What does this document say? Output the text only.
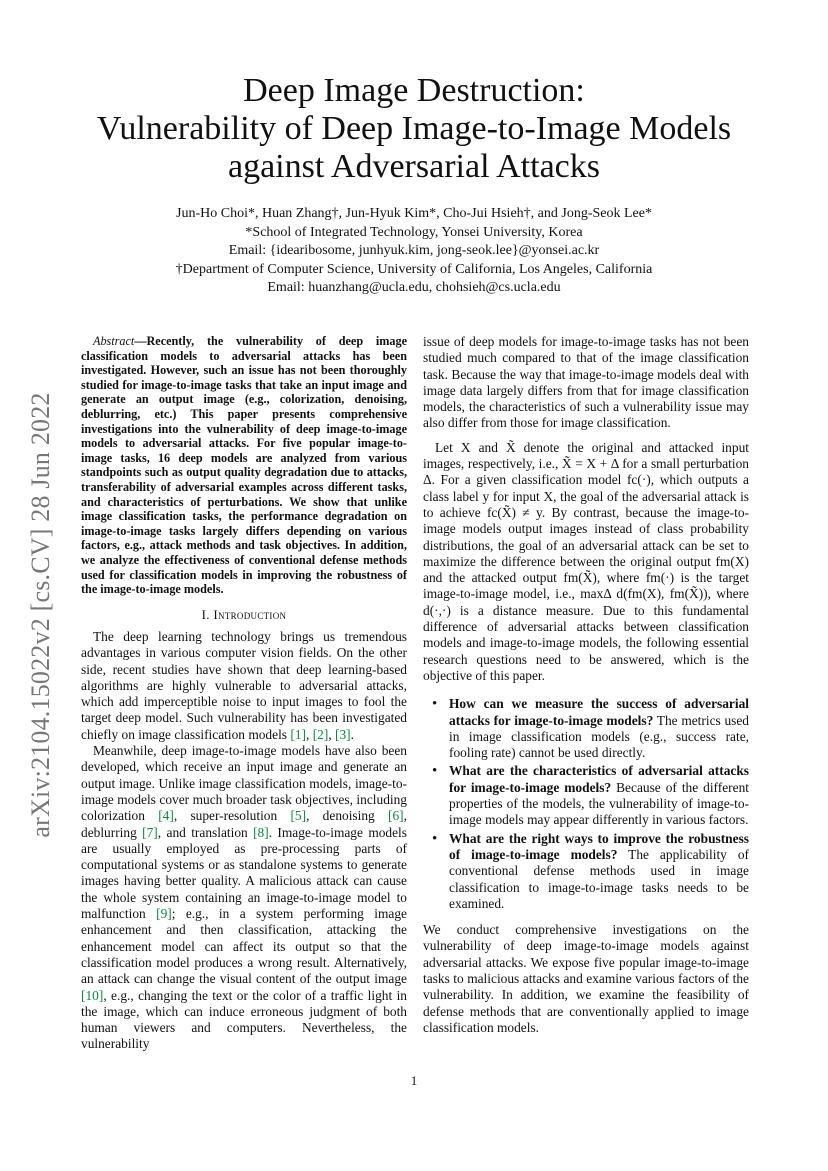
Deep Image Destruction:
Vulnerability of Deep Image-to-Image Models
against Adversarial Attacks
Jun-Ho Choi*, Huan Zhang†, Jun-Hyuk Kim*, Cho-Jui Hsieh†, and Jong-Seok Lee*
*School of Integrated Technology, Yonsei University, Korea
Email: {idearibosome, junhyuk.kim, jong-seok.lee}@yonsei.ac.kr
†Department of Computer Science, University of California, Los Angeles, California
Email: huanzhang@ucla.edu, chohsieh@cs.ucla.edu
arXiv:2104.15022v2 [cs.CV] 28 Jun 2022

Abstract—Recently, the vulnerability of deep image classification models to adversarial attacks has been investigated. However, such an issue has not been thoroughly studied for image-to-image tasks that take an input image and generate an output image (e.g., colorization, denoising, deblurring, etc.) This paper presents comprehensive investigations into the vulnerability of deep image-to-image models to adversarial attacks. For five popular image-to-image tasks, 16 deep models are analyzed from various standpoints such as output quality degradation due to attacks, transferability of adversarial examples across different tasks, and characteristics of perturbations. We show that unlike image classification tasks, the performance degradation on image-to-image tasks largely differs depending on various factors, e.g., attack methods and task objectives. In addition, we analyze the effectiveness of conventional defense methods used for classification models in improving the robustness of the image-to-image models.

I. Introduction

The deep learning technology brings us tremendous advantages in various computer vision fields. On the other side, recent studies have shown that deep learning-based algorithms are highly vulnerable to adversarial attacks, which add imperceptible noise to input images to fool the target deep model. Such vulnerability has been investigated chiefly on image classification models [1], [2], [3].

Meanwhile, deep image-to-image models have also been developed, which receive an input image and generate an output image. Unlike image classification models, image-to-image models cover much broader task objectives, including colorization [4], super-resolution [5], denoising [6], deblurring [7], and translation [8]. Image-to-image models are usually employed as pre-processing parts of computational systems or as standalone systems to generate images having better quality. A malicious attack can cause the whole system containing an image-to-image model to malfunction [9]; e.g., in a system performing image enhancement and then classification, attacking the enhancement model can affect its output so that the classification model produces a wrong result. Alternatively, an attack can change the visual content of the output image [10], e.g., changing the text or the color of a traffic light in the image, which can induce erroneous judgment of both human viewers and computers. Nevertheless, the vulnerability

issue of deep models for image-to-image tasks has not been studied much compared to that of the image classification task. Because the way that image-to-image models deal with image data largely differs from that for image classification models, the characteristics of such a vulnerability issue may also differ from those for image classification.

Let X and X̃ denote the original and attacked input images, respectively, i.e., X̃ = X + Δ for a small perturbation Δ. For a given classification model fc(·), which outputs a class label y for input X, the goal of the adversarial attack is to achieve fc(X̃) ≠ y. By contrast, because the image-to-image models output images instead of class probability distributions, the goal of an adversarial attack can be set to maximize the difference between the original output fm(X) and the attacked output fm(X̃), where fm(·) is the target image-to-image model, i.e., maxΔ d(fm(X), fm(X̃)), where d(·,·) is a distance measure. Due to this fundamental difference of adversarial attacks between classification models and image-to-image models, the following essential research questions need to be answered, which is the objective of this paper.

• How can we measure the success of adversarial attacks for image-to-image models? The metrics used in image classification models (e.g., success rate, fooling rate) cannot be used directly.
• What are the characteristics of adversarial attacks for image-to-image models? Because of the different properties of the models, the vulnerability of image-to-image models may appear differently in various factors.
• What are the right ways to improve the robustness of image-to-image models? The applicability of conventional defense methods used in image classification to image-to-image tasks needs to be examined.

We conduct comprehensive investigations on the vulnerability of deep image-to-image models against adversarial attacks. We expose five popular image-to-image tasks to malicious attacks and examine various factors of the vulnerability. In addition, we examine the feasibility of defense methods that are conventionally applied to image classification models.

1
